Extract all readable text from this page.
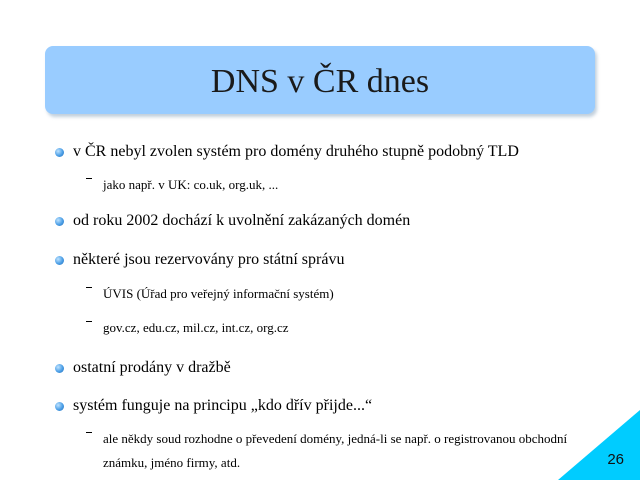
DNS v ČR dnes
v ČR nebyl zvolen systém pro domény druhého stupně podobný TLD
jako např. v UK: co.uk, org.uk, ...
od roku 2002 dochází k uvolnění zakázaných domén
některé jsou rezervovány pro státní správu
ÚVIS (Úřad pro veřejný informační systém)
gov.cz, edu.cz, mil.cz, int.cz, org.cz
ostatní prodány v dražbě
systém funguje na principu „kdo dřív přijde...“
ale někdy soud rozhodne o převedení domény, jedná-li se např. o registrovanou obchodní známku, jméno firmy, atd.	26
